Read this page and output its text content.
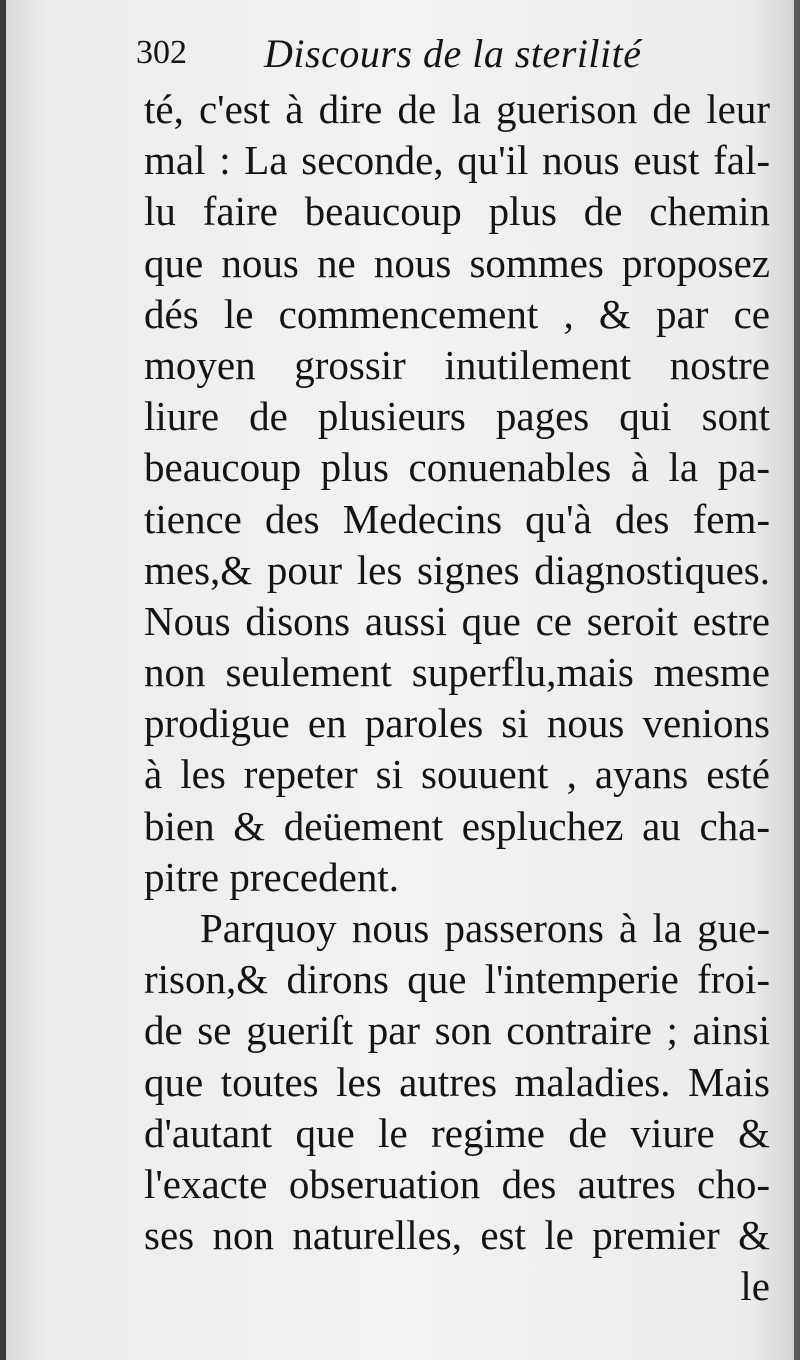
302 Discours de la sterilité
té, c'est à dire de la guerison de leur
mal : La seconde, qu'il nous eust fal-
lu faire beaucoup plus de chemin
que nous ne nous sommes proposez
dés le commencement , & par ce
moyen grossir inutilement nostre
liure de plusieurs pages qui sont
beaucoup plus conuenables à la pa-
tience des Medecins qu'à des fem-
mes,& pour les signes diagnostiques.
Nous disons aussi que ce seroit estre
non seulement superflu,mais mesme
prodigue en paroles si nous venions
à les repeter si souuent , ayans esté
bien & deüement espluchez au cha-
pitre precedent.
Parquoy nous passerons à la gue-
rison,& dirons que l'intemperie froi-
de se gueriſt par son contraire ; ainsi
que toutes les autres maladies. Mais
d'autant que le regime de viure &
l'exacte obseruation des autres cho-
ses non naturelles, est le premier &
le
